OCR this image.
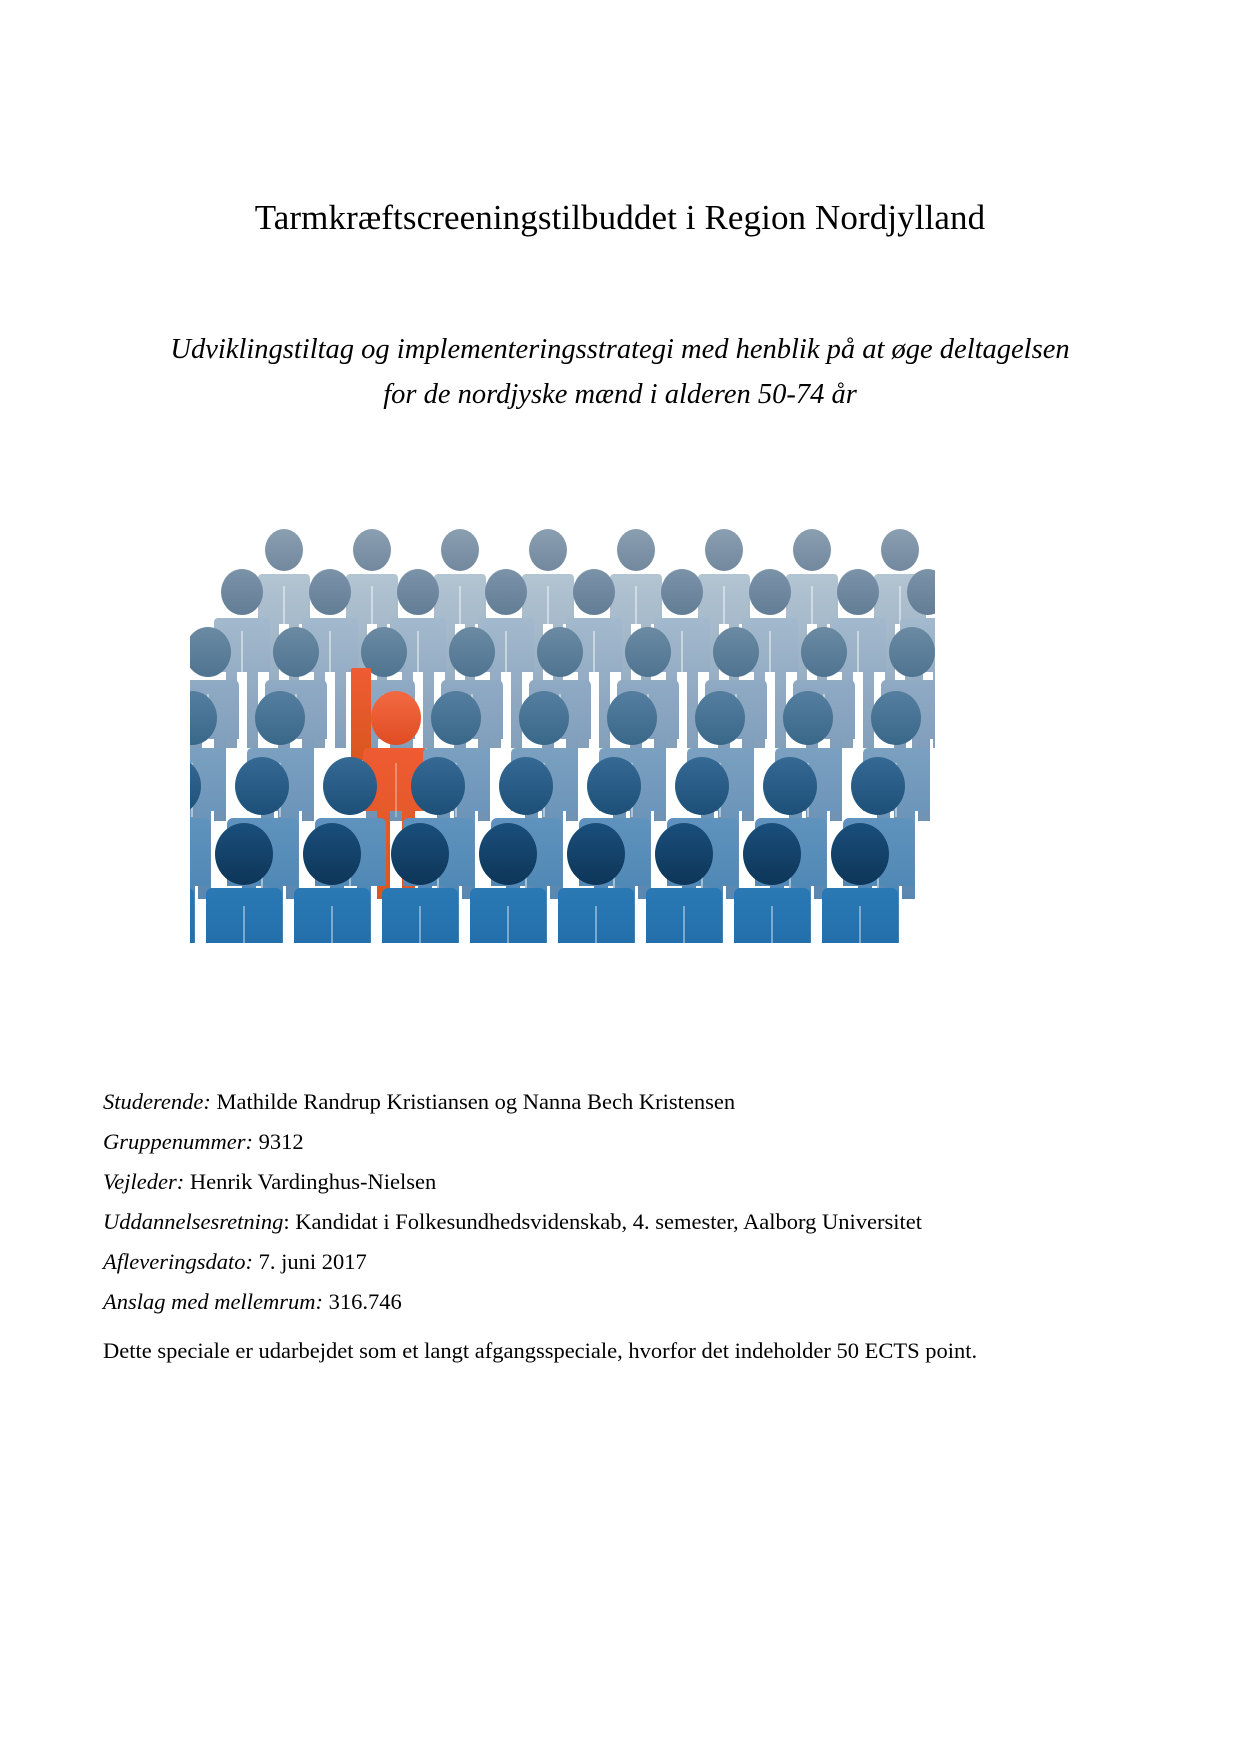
Tarmkræftscreeningstilbuddet i Region Nordjylland

Udviklingstiltag og implementeringsstrategi med henblik på at øge deltagelsen

for de nordjyske mænd i alderen 50-74 år

Studerende: Mathilde Randrup Kristiansen og Nanna Bech Kristensen

Gruppenummer: 9312

Vejleder: Henrik Vardinghus-Nielsen

Uddannelsesretning: Kandidat i Folkesundhedsvidenskab, 4. semester, Aalborg Universitet

Afleveringsdato: 7. juni 2017

Anslag med mellemrum: 316.746

Dette speciale er udarbejdet som et langt afgangsspeciale, hvorfor det indeholder 50 ECTS point.
